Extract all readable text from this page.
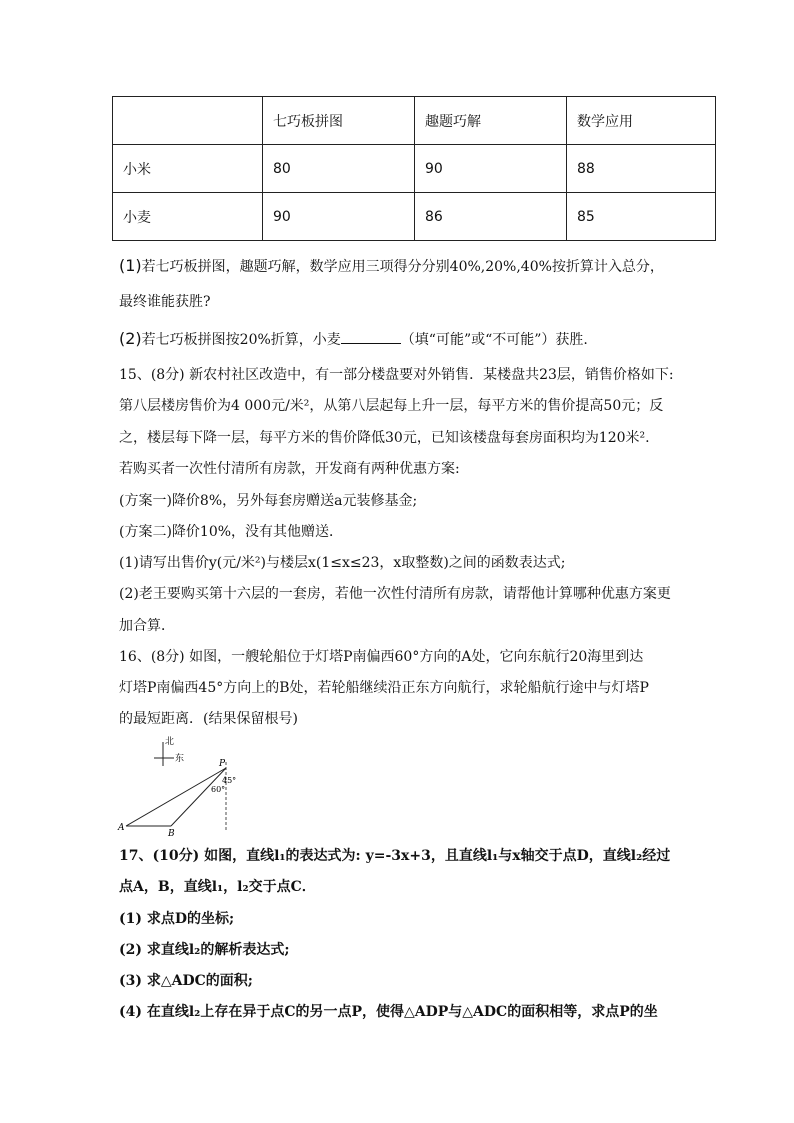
	七巧板拼图	趣题巧解	数学应用
小米	80	90	88
小麦	90	86	85
(1)若七巧板拼图，趣题巧解，数学应用三项得分分别40%,20%,40%按折算计入总分，
最终谁能获胜?
(2)若七巧板拼图按20%折算，小麦	（填“可能”或“不可能”）获胜.
15、(8分) 新农村社区改造中，有一部分楼盘要对外销售．某楼盘共23层，销售价格如下:
第八层楼房售价为4 000元/米²，从第八层起每上升一层，每平方米的售价提高50元；反
之，楼层每下降一层，每平方米的售价降低30元，已知该楼盘每套房面积均为120米².
若购买者一次性付清所有房款，开发商有两种优惠方案:
(方案一)降价8%，另外每套房赠送a元装修基金;
(方案二)降价10%，没有其他赠送．
(1)请写出售价y(元/米²)与楼层x(1≤x≤23，x取整数)之间的函数表达式;
(2)老王要购买第十六层的一套房，若他一次性付清所有房款，请帮他计算哪种优惠方案更
加合算．
16、(8分) 如图，一艘轮船位于灯塔P南偏西60°方向的A处，它向东航行20海里到达
灯塔P南偏西45°方向上的B处，若轮船继续沿正东方向航行，求轮船航行途中与灯塔P
的最短距离．(结果保留根号)
北
东	P
A
B
45°
60°
17、(10分) 如图，直线l₁的表达式为: y=-3x+3，且直线l₁与x轴交于点D，直线l₂经过
点A，B，直线l₁，l₂交于点C．
(1) 求点D的坐标;
(2) 求直线l₂的解析表达式;
(3) 求△ADC的面积;
(4) 在直线l₂上存在异于点C的另一点P，使得△ADP与△ADC的面积相等，求点P的坐
